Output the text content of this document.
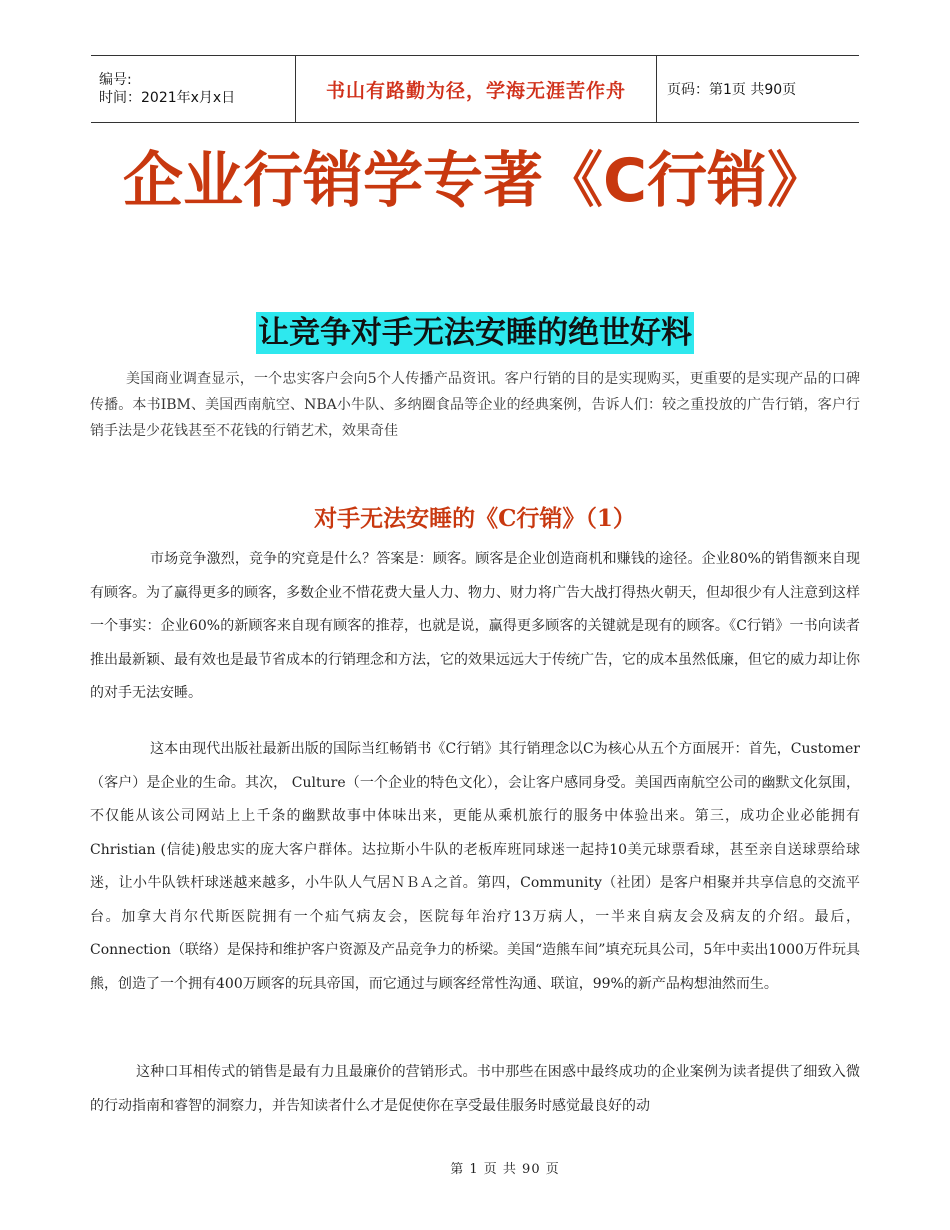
编号:
时间：2021年x月x日	书山有路勤为径，学海无涯苦作舟	页码：第1页 共90页
企业行销学专著《C行销》
让竞争对手无法安睡的绝世好料
美国商业调查显示，一个忠实客户会向5个人传播产品资讯。客户行销的目的是实现购买，更重要的是实现产品的口碑传播。本书IBM、美国西南航空、NBA小牛队、多纳圈食品等企业的经典案例，告诉人们：较之重投放的广告行销，客户行销手法是少花钱甚至不花钱的行销艺术，效果奇佳
对手无法安睡的《C行销》（1）
市场竞争激烈，竞争的究竟是什么？答案是：顾客。顾客是企业创造商机和赚钱的途径。企业80%的销售额来自现有顾客。为了赢得更多的顾客，多数企业不惜花费大量人力、物力、财力将广告大战打得热火朝天，但却很少有人注意到这样一个事实：企业60%的新顾客来自现有顾客的推荐，也就是说，赢得更多顾客的关键就是现有的顾客。《C行销》一书向读者推出最新颖、最有效也是最节省成本的行销理念和方法，它的效果远远大于传统广告，它的成本虽然低廉，但它的威力却让你的对手无法安睡。
这本由现代出版社最新出版的国际当红畅销书《C行销》其行销理念以C为核心从五个方面展开：首先，Customer（客户）是企业的生命。其次， Culture（一个企业的特色文化），会让客户感同身受。美国西南航空公司的幽默文化氛围，不仅能从该公司网站上上千条的幽默故事中体味出来，更能从乘机旅行的服务中体验出来。第三，成功企业必能拥有 Christian (信徒)般忠实的庞大客户群体。达拉斯小牛队的老板库班同球迷一起持10美元球票看球，甚至亲自送球票给球迷，让小牛队铁杆球迷越来越多，小牛队人气居ＮＢＡ之首。第四，Community（社团）是客户相聚并共享信息的交流平台。加拿大肖尔代斯医院拥有一个疝气病友会，医院每年治疗13万病人，一半来自病友会及病友的介绍。最后，Connection（联络）是保持和维护客户资源及产品竞争力的桥梁。美国“造熊车间”填充玩具公司，5年中卖出1000万件玩具熊，创造了一个拥有400万顾客的玩具帝国，而它通过与顾客经常性沟通、联谊，99%的新产品构想油然而生。
这种口耳相传式的销售是最有力且最廉价的营销形式。书中那些在困惑中最终成功的企业案例为读者提供了细致入微的行动指南和睿智的洞察力，并告知读者什么才是促使你在享受最佳服务时感觉最良好的动
第 1 页 共 90 页
